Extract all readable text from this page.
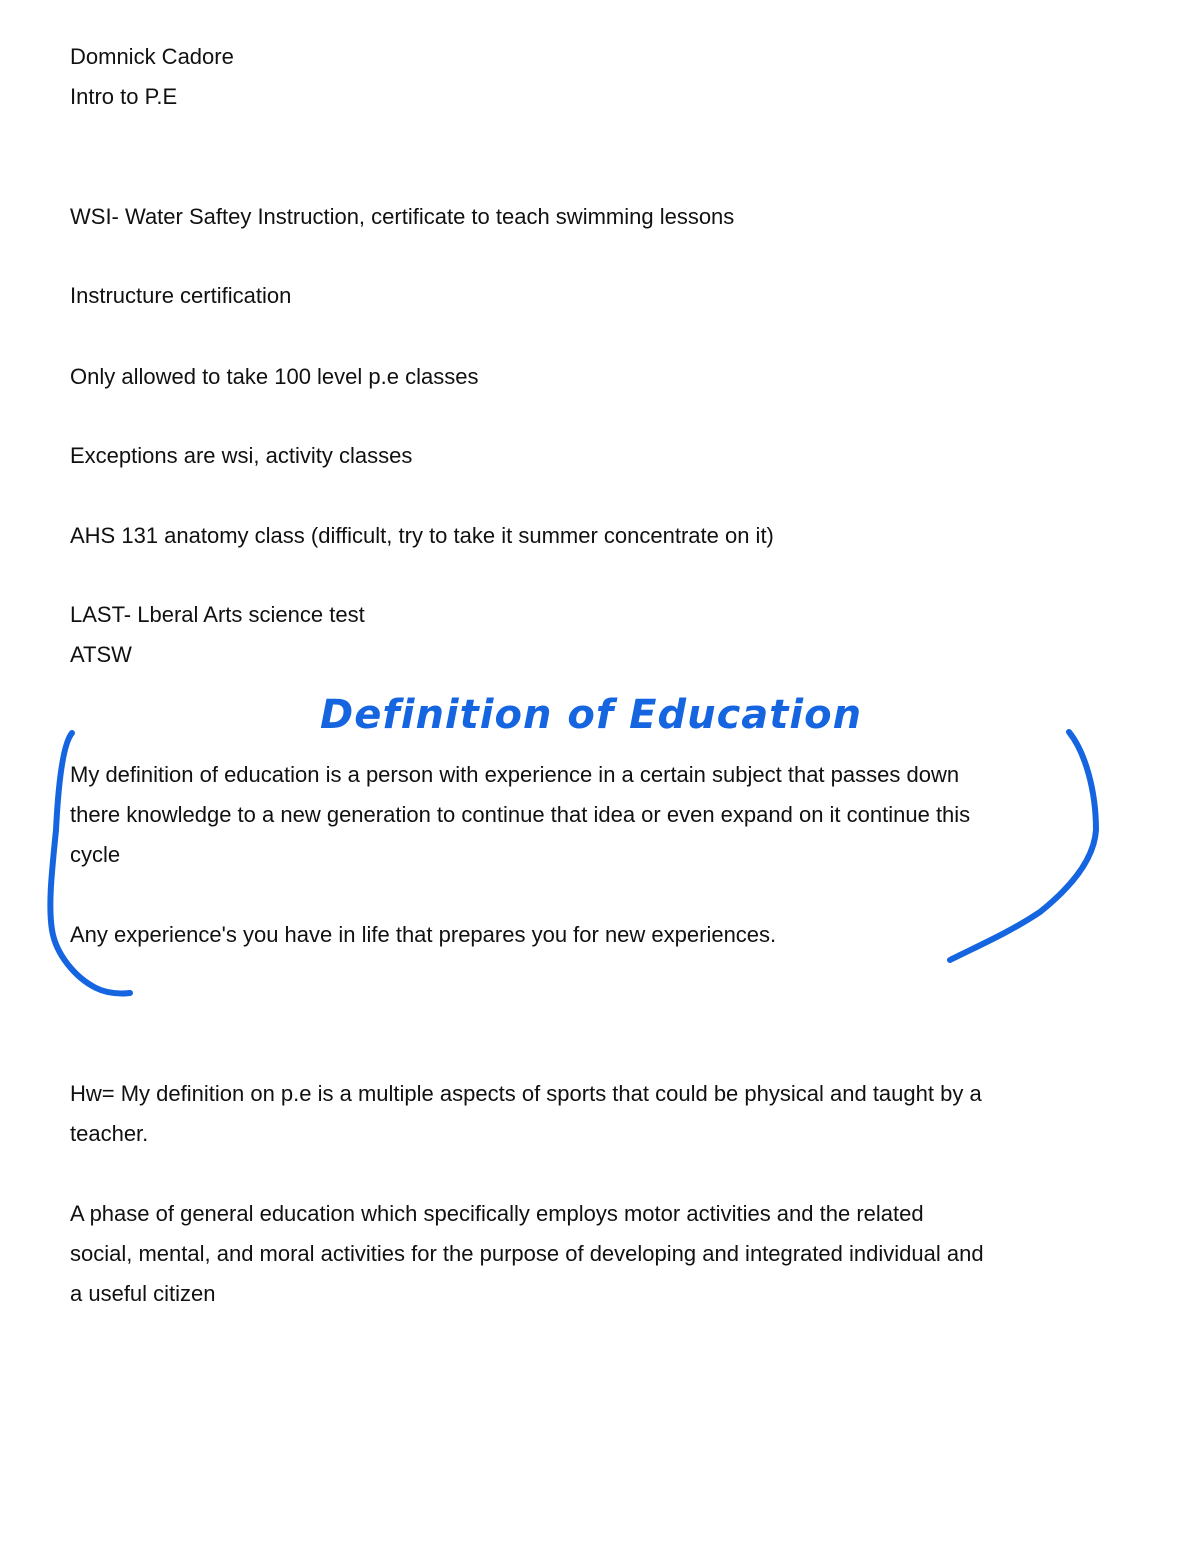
Domnick Cadore

Intro to P.E

WSI- Water Saftey Instruction, certificate to teach swimming lessons

Instructure certification

Only allowed to take 100 level p.e classes

Exceptions are wsi, activity classes

AHS 131 anatomy class (difficult, try to take it summer concentrate on it)

LAST- Lberal Arts science test

ATSW

My definition of education is a person with experience in a certain subject that passes down
there knowledge to a new generation to continue that idea or even expand on it continue this
cycle

Any experience's you have in life that prepares you for new experiences.

Hw= My definition on p.e is a multiple aspects of sports that could be physical and taught by a
teacher.
A phase of general education which specifically employs motor activities and the related
social, mental, and moral activities for the purpose of developing and integrated individual and
a useful citizen
Definition of Education
